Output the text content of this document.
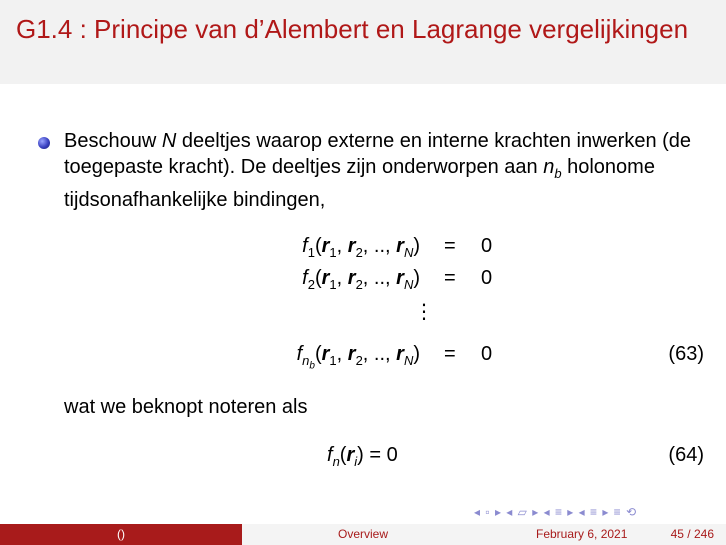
G1.4 : Principe van d’Alembert en Lagrange vergelijkingen
Beschouw N deeltjes waarop externe en interne krachten inwerken (de toegepaste kracht). De deeltjes zijn onderworpen aan $n_b$ holonome tijdsonafhankelijke bindingen,
$f_1(r_1$, $r_2$, .., $r_N) = 0$
$f_2(r_1$, $r_2$, .., $r_N) = 0$
⋮
$f_{n_b}(r_1$, $r_2$, .., $r_N) = 0$	(63)
wat we beknopt noteren als
$f_n(r_i) = 0$	(64)
◂ ▫ ▸ ◂ ▱ ▸ ◂ ≡ ▸ ◂ ≡ ▸ ≡ ⟲
()	Overview	February 6, 2021	45 / 246
